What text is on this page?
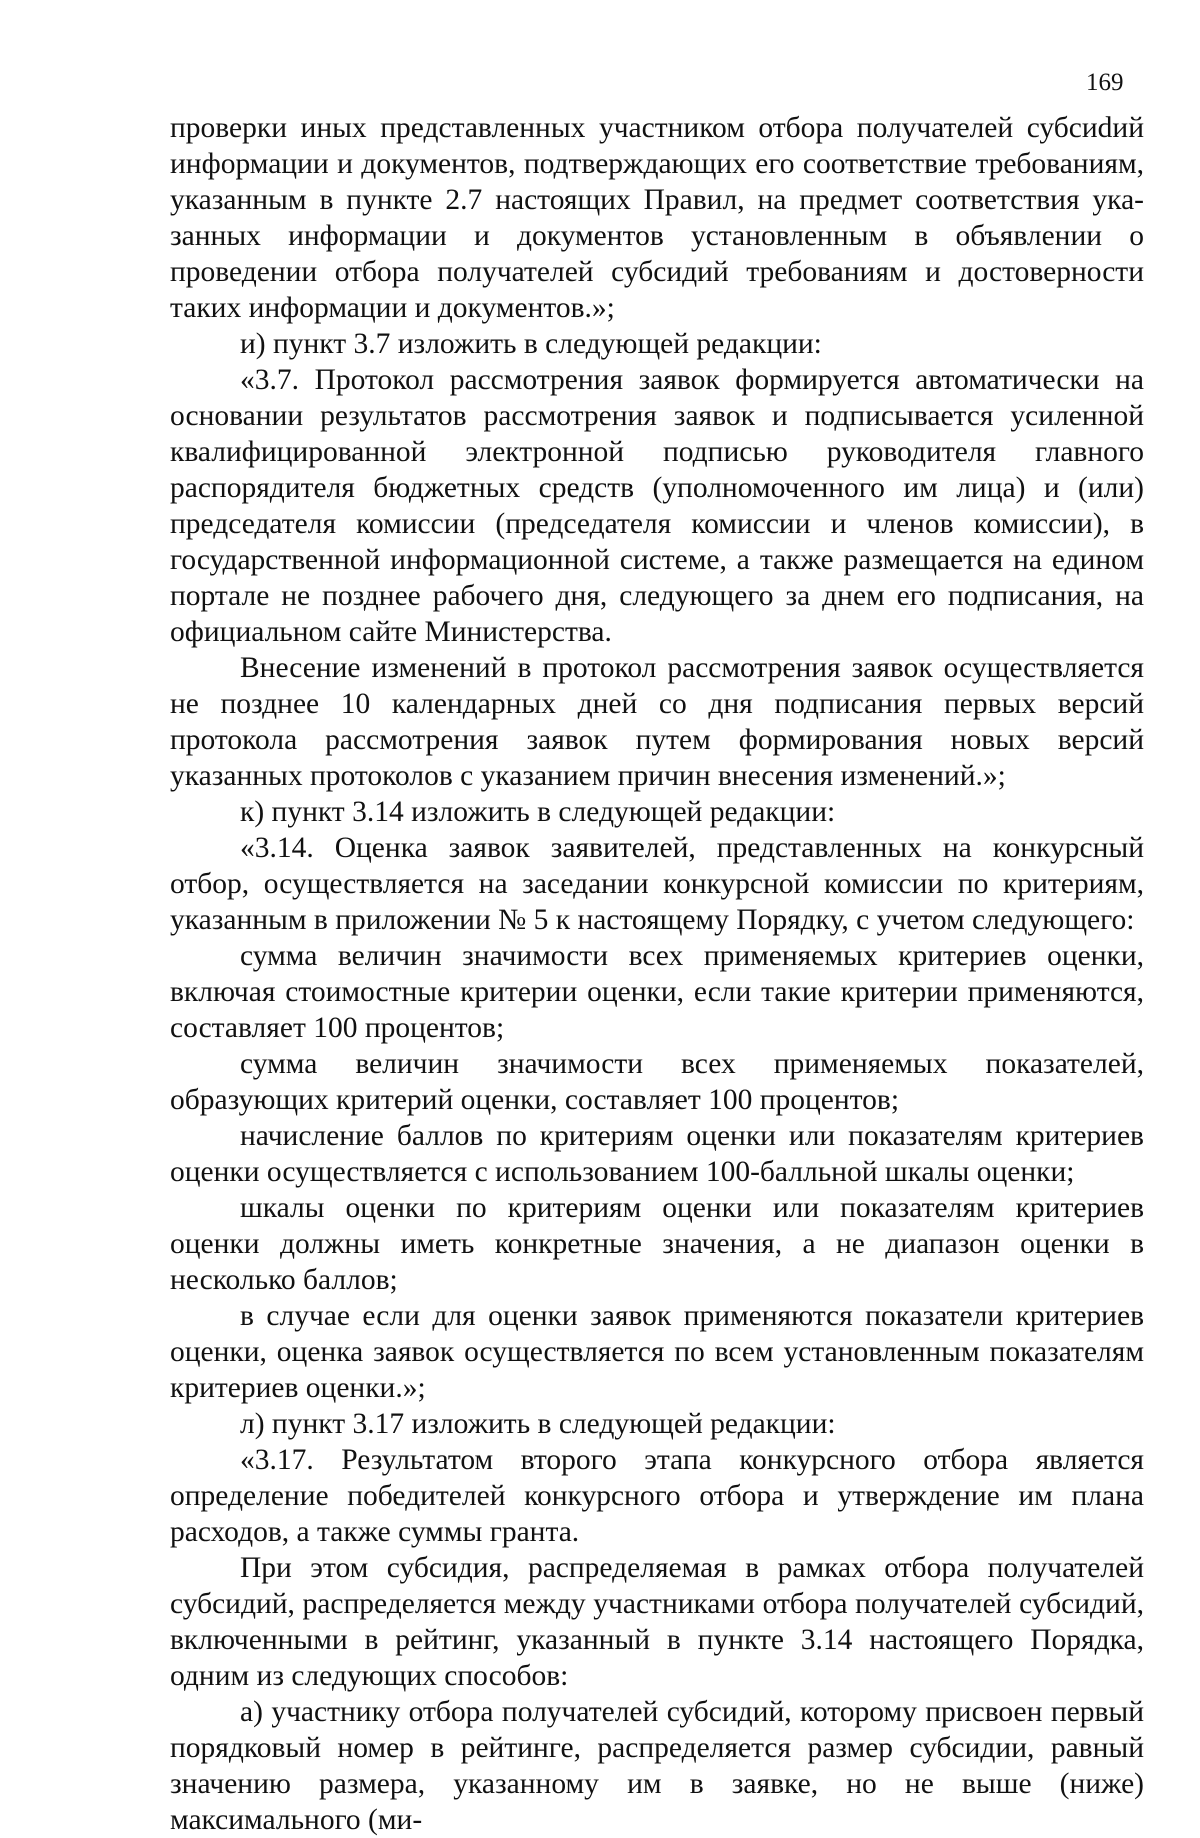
169

проверки иных представленных участником отбора получателей субсиdий информации и документов, подтверждающих его соответствие требованиям, указанным в пункте 2.7 настоящих Правил, на предмет соответствия указанных информации и документов установленным в объявлении о проведении отбора получателей субсидий требованиям и достоверности таких информации и документов.»;

и) пункт 3.7 изложить в следующей редакции:

«3.7. Протокол рассмотрения заявок формируется автоматически на основании результатов рассмотрения заявок и подписывается усиленной квалифицированной электронной подписью руководителя главного распорядителя бюджетных средств (уполномоченного им лица) и (или) председателя комиссии (председателя комиссии и членов комиссии), в государственной информационной системе, а также размещается на едином портале не позднее рабочего дня, следующего за днем его подписания, на официальном сайте Министерства.

Внесение изменений в протокол рассмотрения заявок осуществляется не позднее 10 календарных дней со дня подписания первых версий протокола рассмотрения заявок путем формирования новых версий указанных протоколов с указанием причин внесения изменений.»;

к) пункт 3.14 изложить в следующей редакции:

«3.14. Оценка заявок заявителей, представленных на конкурсный отбор, осуществляется на заседании конкурсной комиссии по критериям, указанным в приложении № 5 к настоящему Порядку, с учетом следующего:

сумма величин значимости всех применяемых критериев оценки, включая стоимостные критерии оценки, если такие критерии применяются, составляет 100 процентов;

сумма величин значимости всех применяемых показателей, образующих критерий оценки, составляет 100 процентов;

начисление баллов по критериям оценки или показателям критериев оценки осуществляется с использованием 100-балльной шкалы оценки;

шкалы оценки по критериям оценки или показателям критериев оценки должны иметь конкретные значения, а не диапазон оценки в несколько баллов;

в случае если для оценки заявок применяются показатели критериев оценки, оценка заявок осуществляется по всем установленным показателям критериев оценки.»;

л) пункт 3.17 изложить в следующей редакции:

«3.17. Результатом второго этапа конкурсного отбора является определение победителей конкурсного отбора и утверждение им плана расходов, а также суммы гранта.

При этом субсидия, распределяемая в рамках отбора получателей субсидий, распределяется между участниками отбора получателей субсидий, включенными в рейтинг, указанный в пункте 3.14 настоящего Порядка, одним из следующих способов:

а) участнику отбора получателей субсидий, которому присвоен первый порядковый номер в рейтинге, распределяется размер субсидии, равный значению размера, указанному им в заявке, но не выше (ниже) максимального (ми-
